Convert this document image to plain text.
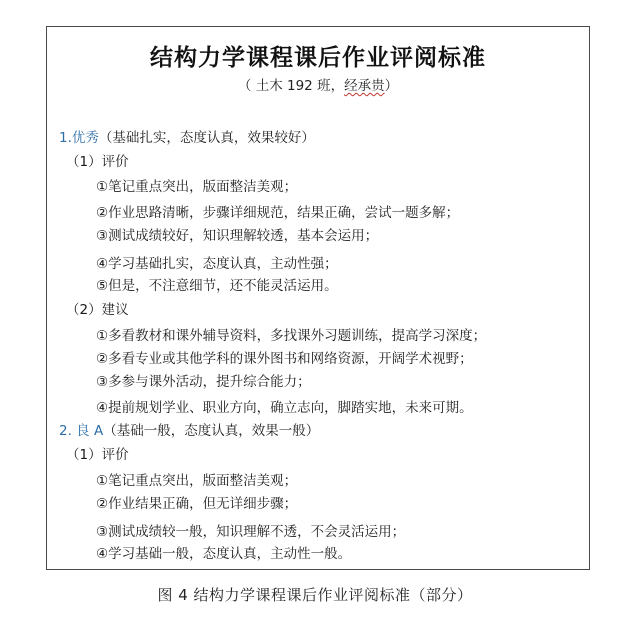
结构力学课程课后作业评阅标准
（ 土木 192 班，经承贵）
1.优秀（基础扎实，态度认真，效果较好）
（1）评价
①笔记重点突出，版面整洁美观；
②作业思路清晰，步骤详细规范，结果正确，尝试一题多解；
③测试成绩较好，知识理解较透，基本会运用；
④学习基础扎实，态度认真，主动性强；
⑤但是，不注意细节，还不能灵活运用。
（2）建议
①多看教材和课外辅导资料，多找课外习题训练，提高学习深度；
②多看专业或其他学科的课外图书和网络资源，开阔学术视野；
③多参与课外活动，提升综合能力；
④提前规划学业、职业方向，确立志向，脚踏实地，未来可期。
2. 良 A（基础一般，态度认真，效果一般）
（1）评价
①笔记重点突出，版面整洁美观；
②作业结果正确，但无详细步骤；
③测试成绩较一般，知识理解不透，不会灵活运用；
④学习基础一般，态度认真，主动性一般。
图 4 结构力学课程课后作业评阅标准（部分）
